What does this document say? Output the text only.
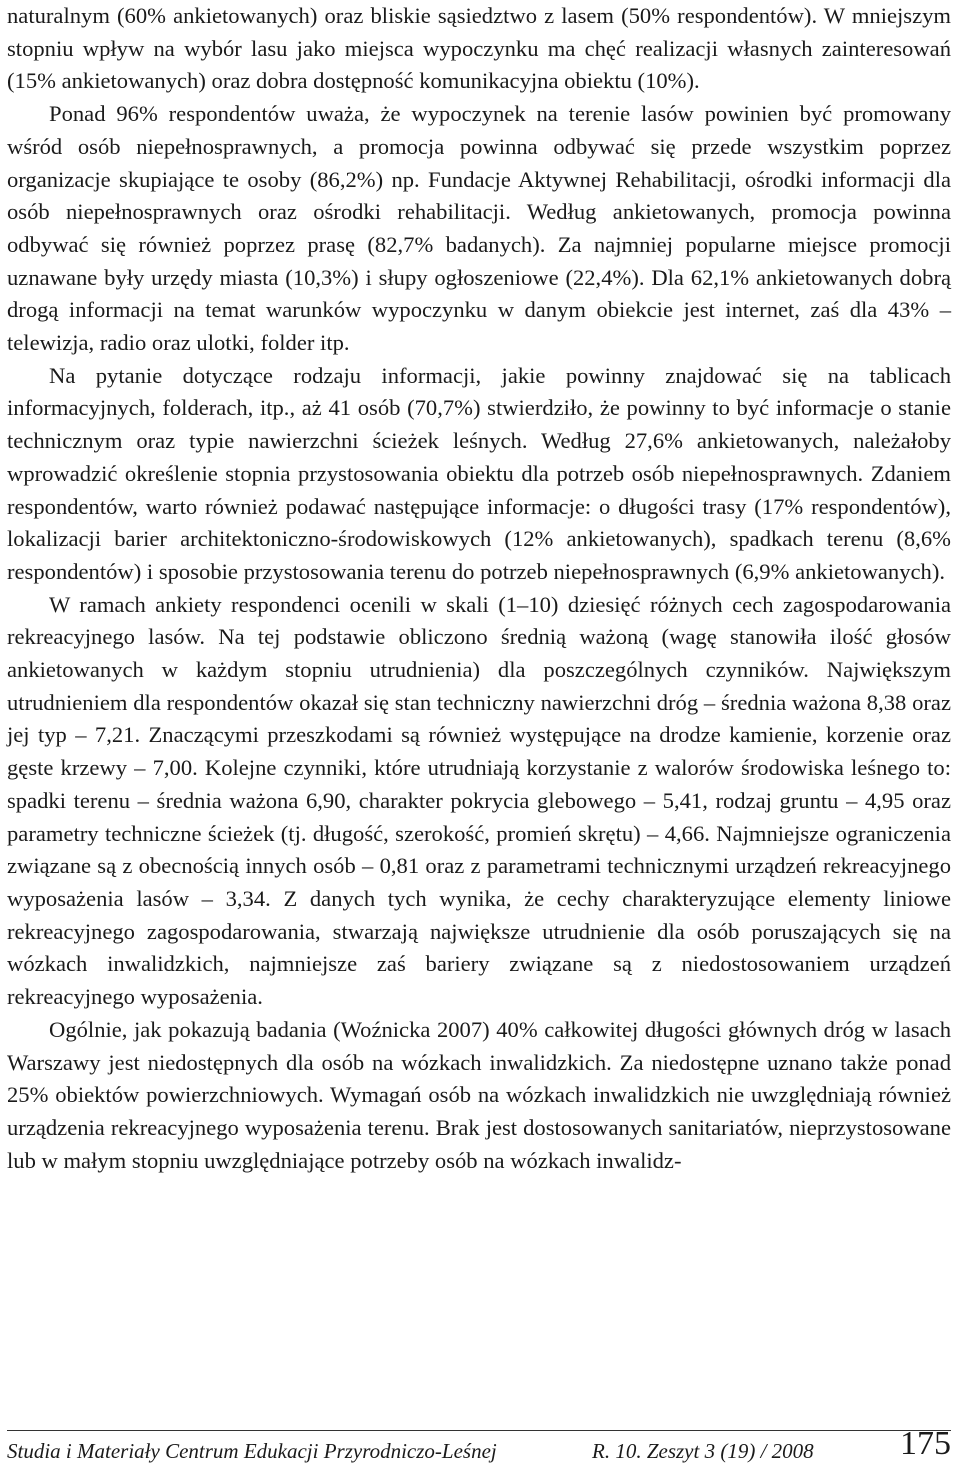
naturalnym (60% ankietowanych) oraz bliskie sąsiedztwo z lasem (50% respondentów). W mniejszym stopniu wpływ na wybór lasu jako miejsca wypoczynku ma chęć realizacji własnych zainteresowań (15% ankietowanych) oraz dobra dostępność komunikacyjna obiektu (10%).

Ponad 96% respondentów uważa, że wypoczynek na terenie lasów powinien być promowany wśród osób niepełnosprawnych, a promocja powinna odbywać się przede wszystkim poprzez organizacje skupiające te osoby (86,2%) np. Fundacje Aktywnej Rehabilitacji, ośrodki informacji dla osób niepełnosprawnych oraz ośrodki rehabilitacji. Według ankietowanych, promocja powinna odbywać się również poprzez prasę (82,7% badanych). Za najmniej popularne miejsce promocji uznawane były urzędy miasta (10,3%) i słupy ogłoszeniowe (22,4%). Dla 62,1% ankietowanych dobrą drogą informacji na temat warunków wypoczynku w danym obiekcie jest internet, zaś dla 43% – telewizja, radio oraz ulotki, folder itp.

Na pytanie dotyczące rodzaju informacji, jakie powinny znajdować się na tablicach informacyjnych, folderach, itp., aż 41 osób (70,7%) stwierdziło, że powinny to być informacje o stanie technicznym oraz typie nawierzchni ścieżek leśnych. Według 27,6% ankietowanych, należałoby wprowadzić określenie stopnia przystosowania obiektu dla potrzeb osób niepełnosprawnych. Zdaniem respondentów, warto również podawać następujące informacje: o długości trasy (17% respondentów), lokalizacji barier architektoniczno-środowiskowych (12% ankietowanych), spadkach terenu (8,6% respondentów) i sposobie przystosowania terenu do potrzeb niepełnosprawnych (6,9% ankietowanych).

W ramach ankiety respondenci ocenili w skali (1–10) dziesięć różnych cech zagospodarowania rekreacyjnego lasów. Na tej podstawie obliczono średnią ważoną (wagę stanowiła ilość głosów ankietowanych w każdym stopniu utrudnienia) dla poszczególnych czynników. Największym utrudnieniem dla respondentów okazał się stan techniczny nawierzchni dróg – średnia ważona 8,38 oraz jej typ – 7,21. Znaczącymi przeszkodami są również występujące na drodze kamienie, korzenie oraz gęste krzewy – 7,00. Kolejne czynniki, które utrudniają korzystanie z walorów środowiska leśnego to: spadki terenu – średnia ważona 6,90, charakter pokrycia glebowego – 5,41, rodzaj gruntu – 4,95 oraz parametry techniczne ścieżek (tj. długość, szerokość, promień skrętu) – 4,66. Najmniejsze ograniczenia związane są z obecnością innych osób – 0,81 oraz z parametrami technicznymi urządzeń rekreacyjnego wyposażenia lasów – 3,34. Z danych tych wynika, że cechy charakteryzujące elementy liniowe rekreacyjnego zagospodarowania, stwarzają największe utrudnienie dla osób poruszających się na wózkach inwalidzkich, najmniejsze zaś bariery związane są z niedostosowaniem urządzeń rekreacyjnego wyposażenia.

Ogólnie, jak pokazują badania (Woźnicka 2007) 40% całkowitej długości głównych dróg w lasach Warszawy jest niedostępnych dla osób na wózkach inwalidzkich. Za niedostępne uznano także ponad 25% obiektów powierzchniowych. Wymagań osób na wózkach inwalidzkich nie uwzględniają również urządzenia rekreacyjnego wyposażenia terenu. Brak jest dostosowanych sanitariatów, nieprzystosowane lub w małym stopniu uwzględniające potrzeby osób na wózkach inwalidz-

Studia i Materiały Centrum Edukacji Przyrodniczo-Leśnej	R. 10. Zeszyt 3 (19) / 2008	175
